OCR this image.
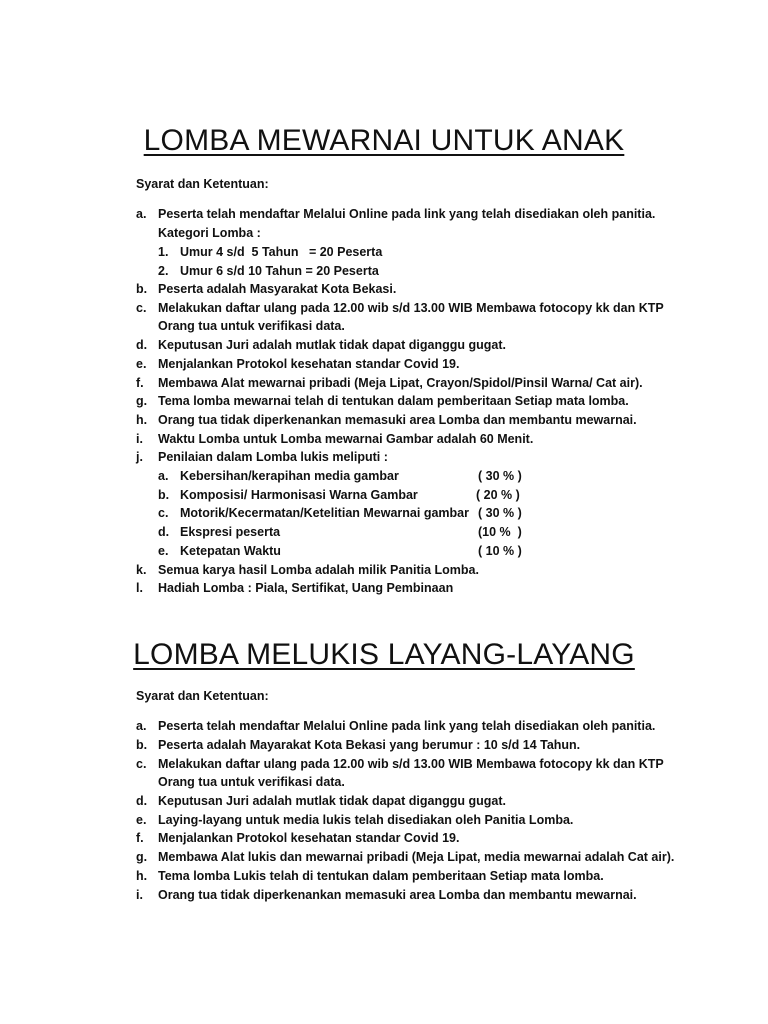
LOMBA MEWARNAI UNTUK ANAK

Syarat dan Ketentuan:

a. Peserta telah mendaftar Melalui Online pada link yang telah disediakan oleh panitia.
Kategori Lomba :
1. Umur 4 s/d  5 Tahun   = 20 Peserta
2. Umur 6 s/d 10 Tahun = 20 Peserta
b. Peserta adalah Masyarakat Kota Bekasi.
c. Melakukan daftar ulang pada 12.00 wib s/d 13.00 WIB Membawa fotocopy kk dan KTP
Orang tua untuk verifikasi data.
d. Keputusan Juri adalah mutlak tidak dapat diganggu gugat.
e. Menjalankan Protokol kesehatan standar Covid 19.
f. Membawa Alat mewarnai pribadi (Meja Lipat, Crayon/Spidol/Pinsil Warna/ Cat air).
g. Tema lomba mewarnai telah di tentukan dalam pemberitaan Setiap mata lomba.
h. Orang tua tidak diperkenankan memasuki area Lomba dan membantu mewarnai.
i. Waktu Lomba untuk Lomba mewarnai Gambar adalah 60 Menit.
j. Penilaian dalam Lomba lukis meliputi :
a. Kebersihan/kerapihan media gambar	( 30 % )
b. Komposisi/ Harmonisasi Warna Gambar	( 20 % )
c. Motorik/Kecermatan/Ketelitian Mewarnai gambar ( 30 % )
d. Ekspresi peserta	(10 %  )
e. Ketepatan Waktu	( 10 % )
k. Semua karya hasil Lomba adalah milik Panitia Lomba.
l. Hadiah Lomba : Piala, Sertifikat, Uang Pembinaan
LOMBA MELUKIS LAYANG-LAYANG

Syarat dan Ketentuan:

a. Peserta telah mendaftar Melalui Online pada link yang telah disediakan oleh panitia.
b. Peserta adalah Mayarakat Kota Bekasi yang berumur : 10 s/d 14 Tahun.
c. Melakukan daftar ulang pada 12.00 wib s/d 13.00 WIB Membawa fotocopy kk dan KTP
Orang tua untuk verifikasi data.
d. Keputusan Juri adalah mutlak tidak dapat diganggu gugat.
e. Laying-layang untuk media lukis telah disediakan oleh Panitia Lomba.
f. Menjalankan Protokol kesehatan standar Covid 19.
g. Membawa Alat lukis dan mewarnai pribadi (Meja Lipat, media mewarnai adalah Cat air).
h. Tema lomba Lukis telah di tentukan dalam pemberitaan Setiap mata lomba.
i. Orang tua tidak diperkenankan memasuki area Lomba dan membantu mewarnai.
